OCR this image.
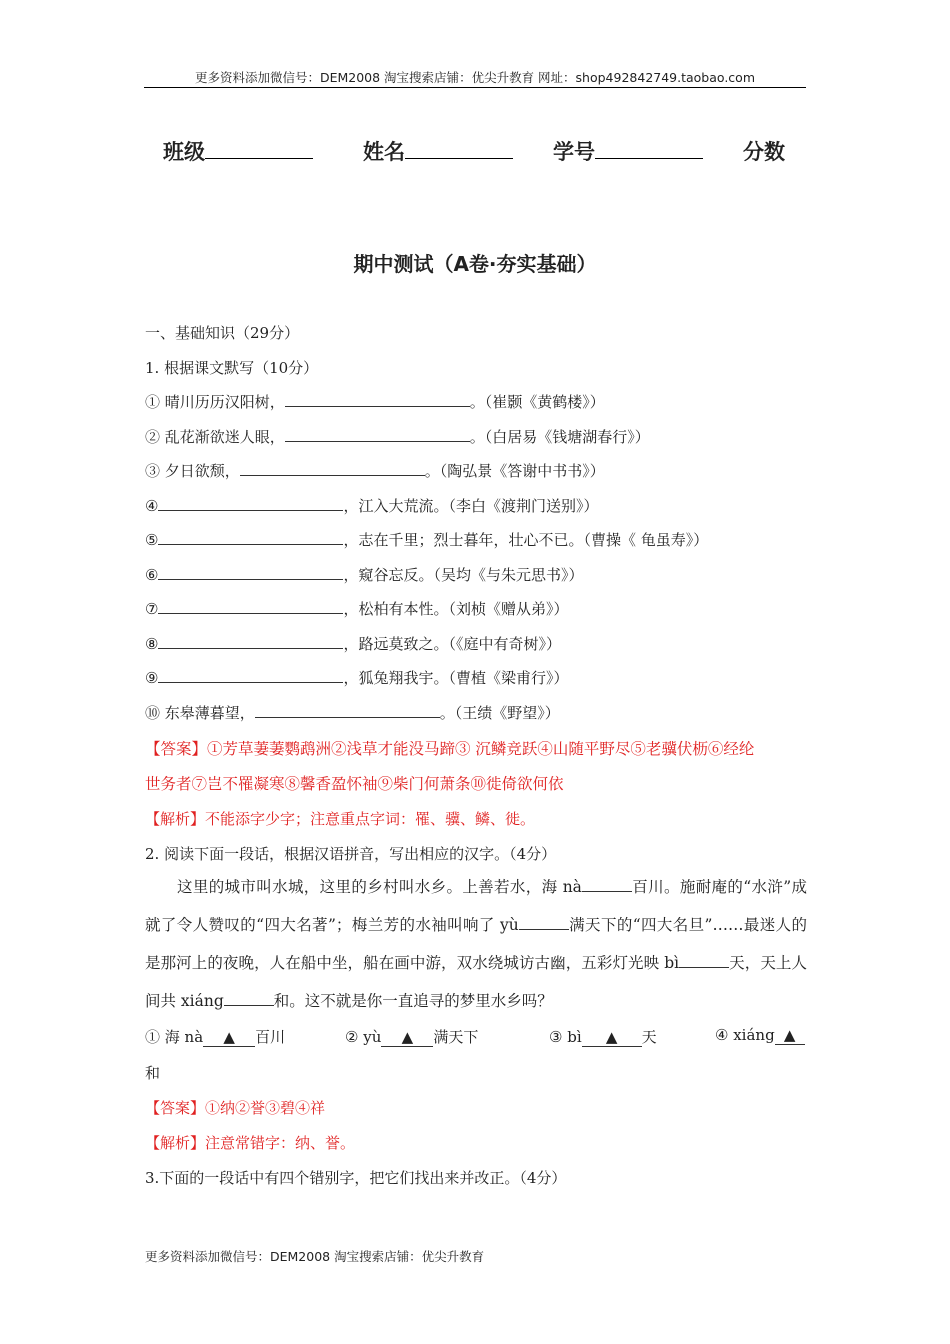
更多资料添加微信号：DEM2008 淘宝搜索店铺：优尖升教育 网址：shop492842749.taobao.com
班级	姓名	学号	分数
期中测试（A卷·夯实基础）
一、基础知识（29分）
1. 根据课文默写（10分）
① 晴川历历汉阳树，	。（崔颢《黄鹤楼》）
② 乱花渐欲迷人眼，	。（白居易《钱塘湖春行》）
③ 夕日欲颓，	。（陶弘景《答谢中书书》）
④	，江入大荒流。（李白《渡荆门送别》）
⑤	，志在千里；烈士暮年，壮心不已。（曹操《 龟虽寿》）
⑥	，窥谷忘反。（吴均《与朱元思书》）
⑦	，松柏有本性。（刘桢《赠从弟》）
⑧	，路远莫致之。（《庭中有奇树》）
⑨	，狐兔翔我宇。（曹植《梁甫行》）
⑩ 东皋薄暮望，	。（王绩《野望》）
【答案】①芳草萋萋鹦鹉洲②浅草才能没马蹄③ 沉鳞竞跃④山随平野尽⑤老骥伏枥⑥经纶
世务者⑦岂不罹凝寒⑧馨香盈怀袖⑨柴门何萧条⑩徙倚欲何依
【解析】不能添字少字；注意重点字词：罹、骥、鳞、徙。
2. 阅读下面一段话，根据汉语拼音，写出相应的汉字。（4分）

这里的城市叫水城，这里的乡村叫水乡。上善若水，海 nà	百川。施耐庵的“水浒”成就了令人赞叹的“四大名著”；梅兰芳的水袖叫响了 yù	满天下的“四大名旦”……最迷人的是那河上的夜晚，人在船中坐，船在画中游，双水绕城访古幽，五彩灯光映 bì	天，天上人间共 xiáng	和。这不就是你一直追寻的梦里水乡吗？

① 海 nà ▲ 百川	② yù ▲ 满天下	③ bì ▲ 天	④ xiáng ▲
和
【答案】①纳②誉③碧④祥
【解析】注意常错字：纳、誉。
3.下面的一段话中有四个错别字，把它们找出来并改正。（4分）
更多资料添加微信号：DEM2008 淘宝搜索店铺：优尖升教育
